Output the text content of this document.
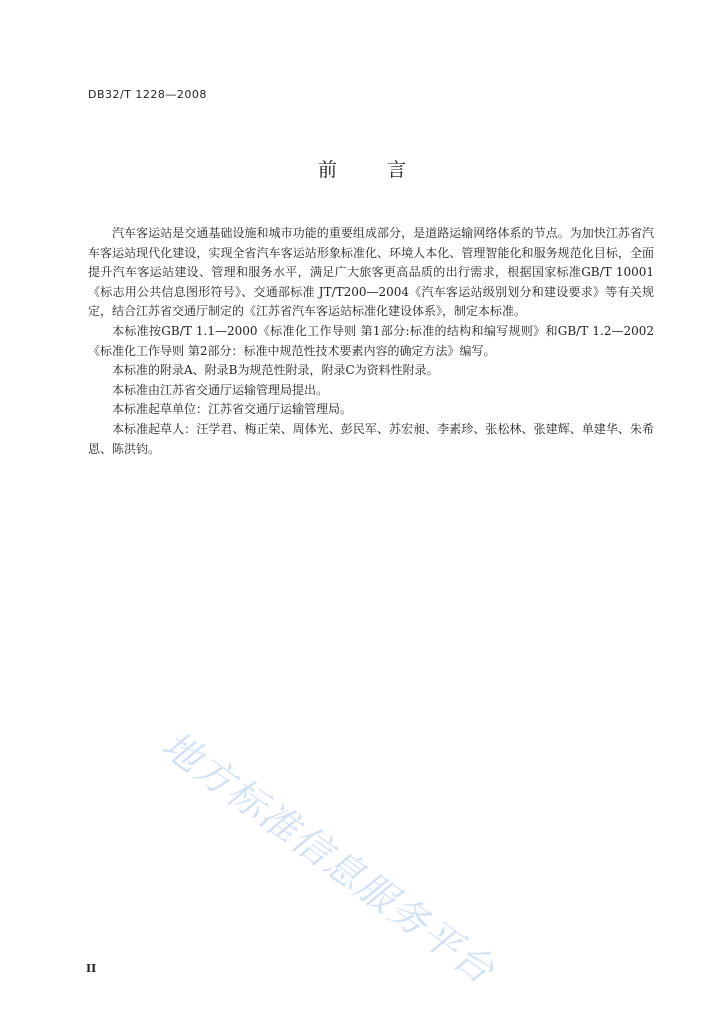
DB32/T 1228—2008
前 言

汽车客运站是交通基础设施和城市功能的重要组成部分，是道路运输网络体系的节点。为加快江苏省汽车客运站现代化建设，实现全省汽车客运站形象标准化、环境人本化、管理智能化和服务规范化目标，全面提升汽车客运站建设、管理和服务水平，满足广大旅客更高品质的出行需求，根据国家标准GB/T 10001《标志用公共信息图形符号》、交通部标准 JT/T200—2004《汽车客运站级别划分和建设要求》等有关规定，结合江苏省交通厅制定的《江苏省汽车客运站标准化建设体系》，制定本标准。

本标准按GB/T 1.1—2000《标准化工作导则 第1部分:标准的结构和编写规则》和GB/T 1.2—2002《标准化工作导则 第2部分：标准中规范性技术要素内容的确定方法》编写。

本标准的附录A、附录B为规范性附录，附录C为资料性附录。

本标准由江苏省交通厅运输管理局提出。

本标准起草单位：江苏省交通厅运输管理局。

本标准起草人：汪学君、梅正荣、周体光、彭民军、苏宏昶、李素珍、张松林、张建辉、单建华、朱希恩、陈洪钧。

地方标准信息服务平台
II
